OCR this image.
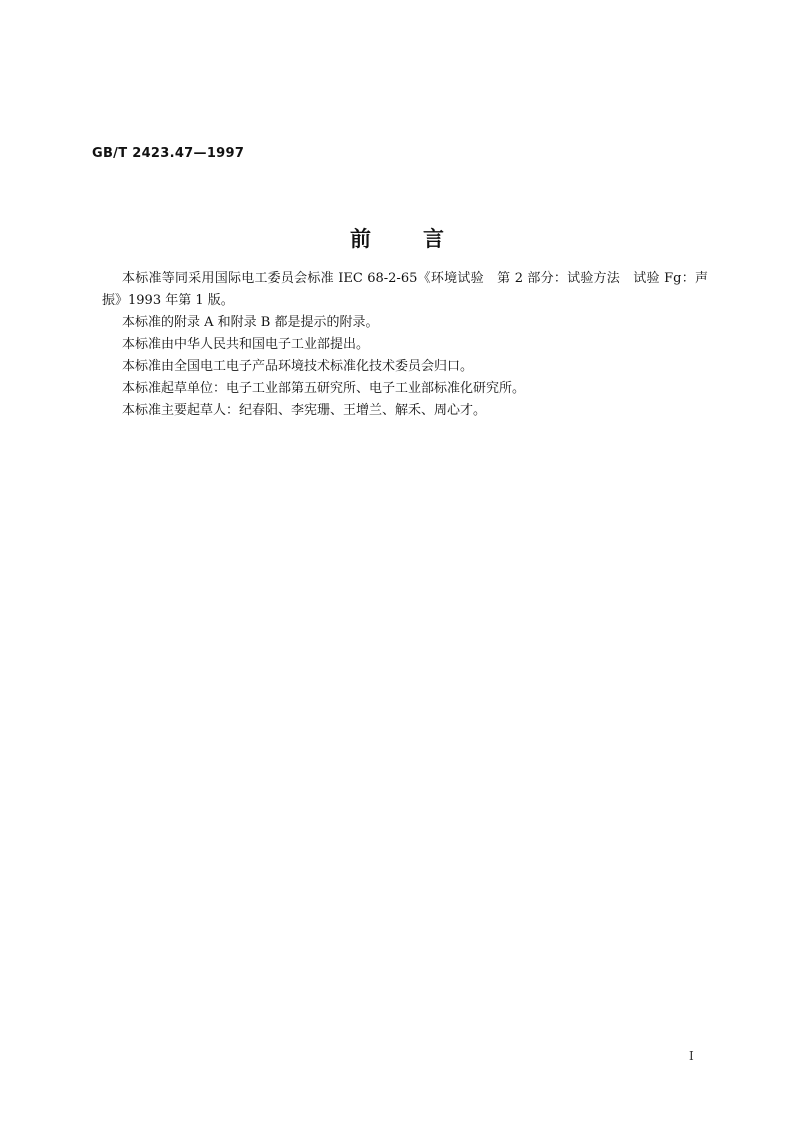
GB/T 2423.47—1997
前言

本标准等同采用国际电工委员会标准 IEC 68-2-65《环境试验　第 2 部分：试验方法　试验 Fg：声振》1993 年第 1 版。

本标准的附录 A 和附录 B 都是提示的附录。

本标准由中华人民共和国电子工业部提出。

本标准由全国电工电子产品环境技术标准化技术委员会归口。

本标准起草单位：电子工业部第五研究所、电子工业部标准化研究所。

本标准主要起草人：纪春阳、李宪珊、王增兰、解禾、周心才。

I
